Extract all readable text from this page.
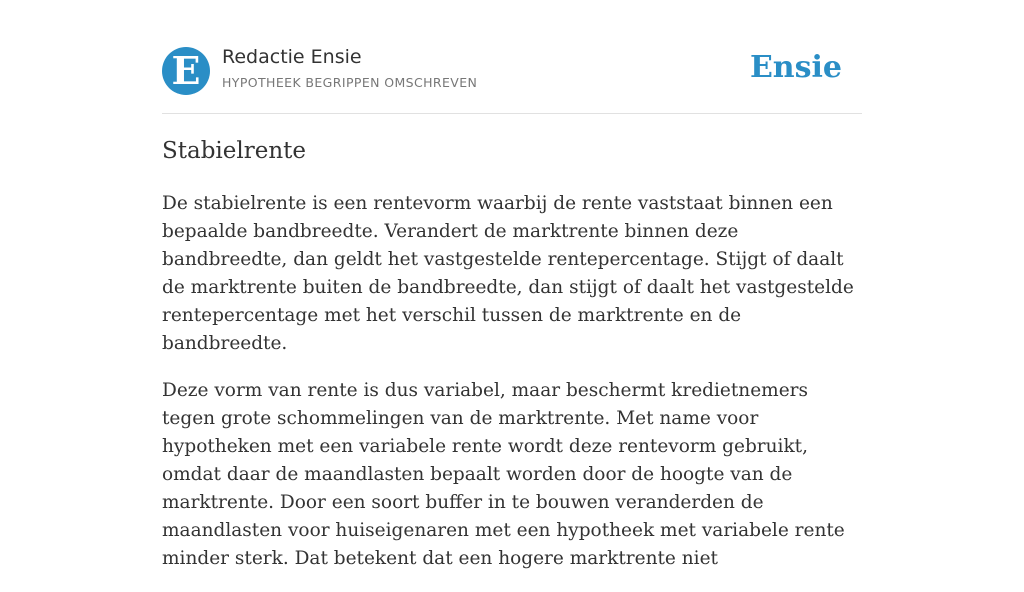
E	Redactie Ensie
HYPOTHEEK BEGRIPPEN OMSCHREVEN	Ensie
Stabielrente

De stabielrente is een rentevorm waarbij de rente vaststaat binnen een bepaalde bandbreedte. Verandert de marktrente binnen deze bandbreedte, dan geldt het vastgestelde rentepercentage. Stijgt of daalt de marktrente buiten de bandbreedte, dan stijgt of daalt het vastgestelde rentepercentage met het verschil tussen de marktrente en de bandbreedte.

Deze vorm van rente is dus variabel, maar beschermt kredietnemers tegen grote schommelingen van de marktrente. Met name voor hypotheken met een variabele rente wordt deze rentevorm gebruikt, omdat daar de maandlasten bepaalt worden door de hoogte van de marktrente. Door een soort buffer in te bouwen veranderden de maandlasten voor huiseigenaren met een hypotheek met variabele rente minder sterk. Dat betekent dat een hogere marktrente niet
